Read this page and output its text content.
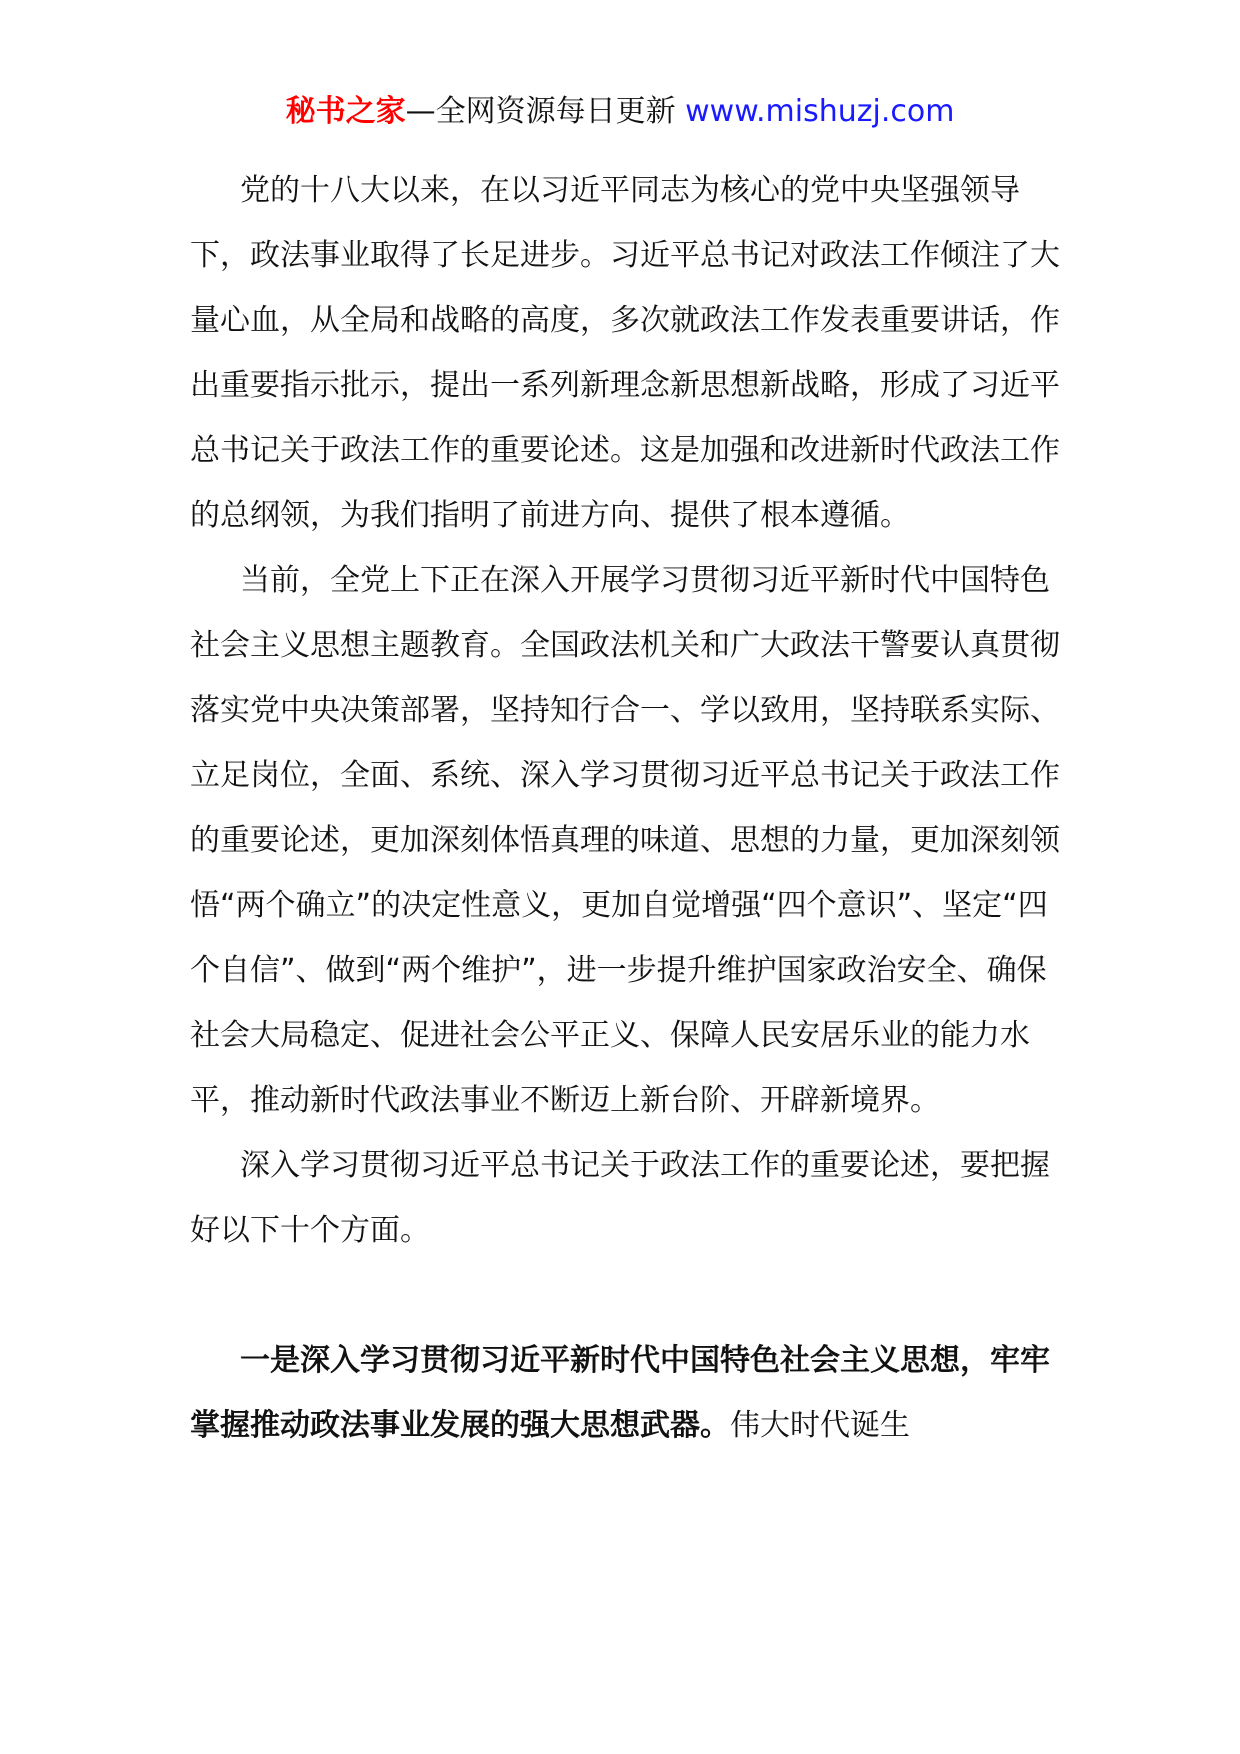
秘书之家—全网资源每日更新 www.mishuzj.com

党的十八大以来，在以习近平同志为核心的党中央坚强领导下，政法事业取得了长足进步。习近平总书记对政法工作倾注了大量心血，从全局和战略的高度，多次就政法工作发表重要讲话，作出重要指示批示，提出一系列新理念新思想新战略，形成了习近平总书记关于政法工作的重要论述。这是加强和改进新时代政法工作的总纲领，为我们指明了前进方向、提供了根本遵循。

当前，全党上下正在深入开展学习贯彻习近平新时代中国特色社会主义思想主题教育。全国政法机关和广大政法干警要认真贯彻落实党中央决策部署，坚持知行合一、学以致用，坚持联系实际、立足岗位，全面、系统、深入学习贯彻习近平总书记关于政法工作的重要论述，更加深刻体悟真理的味道、思想的力量，更加深刻领悟“两个确立”的决定性意义，更加自觉增强“四个意识”、坚定“四个自信”、做到“两个维护”，进一步提升维护国家政治安全、确保社会大局稳定、促进社会公平正义、保障人民安居乐业的能力水平，推动新时代政法事业不断迈上新台阶、开辟新境界。

深入学习贯彻习近平总书记关于政法工作的重要论述，要把握好以下十个方面。

一是深入学习贯彻习近平新时代中国特色社会主义思想，牢牢掌握推动政法事业发展的强大思想武器。伟大时代诞生
